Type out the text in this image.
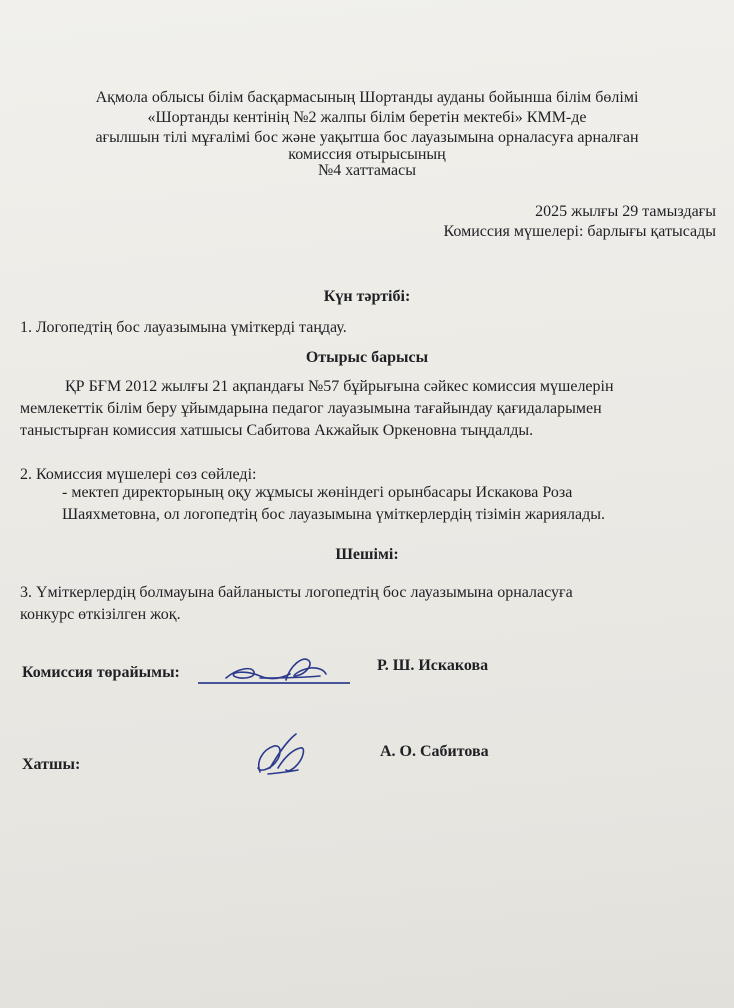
Ақмола облысы білім басқармасының Шортанды ауданы бойынша білім бөлімі
«Шортанды кентінің №2 жалпы білім беретін мектебі» КММ-де
ағылшын тілі мұғалімі бос және уақытша бос лауазымына орналасуға арналған
комиссия отырысының
№4 хаттамасы
2025 жылғы 29 тамыздағы
Комиссия мүшелері: барлығы қатысады
Күн тәртібі:
1. Логопедтің бос лауазымына үміткерді таңдау.
Отырыс барысы
ҚР БҒМ 2012 жылғы 21 ақпандағы №57 бұйрығына сәйкес комиссия мүшелерін
мемлекеттік білім беру ұйымдарына педагог лауазымына тағайындау қағидаларымен
таныстырған комиссия хатшысы Сабитова Акжайык Оркеновна тыңдалды.
2. Комиссия мүшелері сөз сөйледі:
- мектеп директорының оқу жұмысы жөніндегі орынбасары Искакова Роза
Шаяхметовна, ол логопедтің бос лауазымына үміткерлердің тізімін жариялады.
Шешімі:
3. Үміткерлердің болмауына байланысты логопедтің бос лауазымына орналасуға
конкурс өткізілген жоқ.
Комиссия төрайымы:	Р. Ш. Искакова
Хатшы:
А. О. Сабитова
